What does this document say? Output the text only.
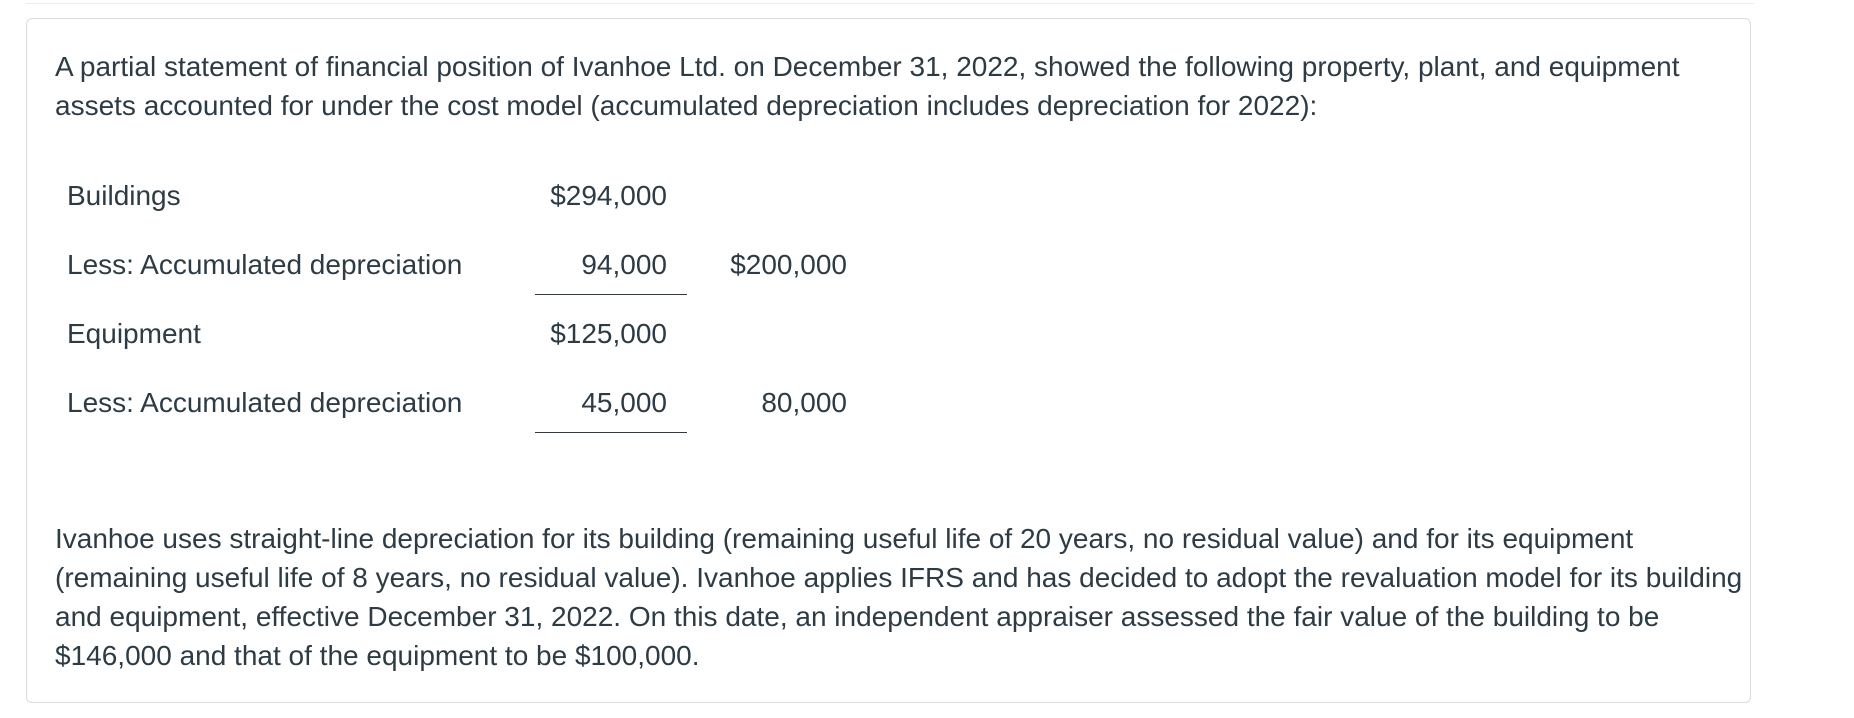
A partial statement of financial position of Ivanhoe Ltd. on December 31, 2022, showed the following property, plant, and equipment assets accounted for under the cost model (accumulated depreciation includes depreciation for 2022):

Buildings	$294,000
Less: Accumulated depreciation	94,000	$200,000
Equipment	$125,000
Less: Accumulated depreciation	45,000	80,000

Ivanhoe uses straight-line depreciation for its building (remaining useful life of 20 years, no residual value) and for its equipment (remaining useful life of 8 years, no residual value). Ivanhoe applies IFRS and has decided to adopt the revaluation model for its building and equipment, effective December 31, 2022. On this date, an independent appraiser assessed the fair value of the building to be $146,000 and that of the equipment to be $100,000.
